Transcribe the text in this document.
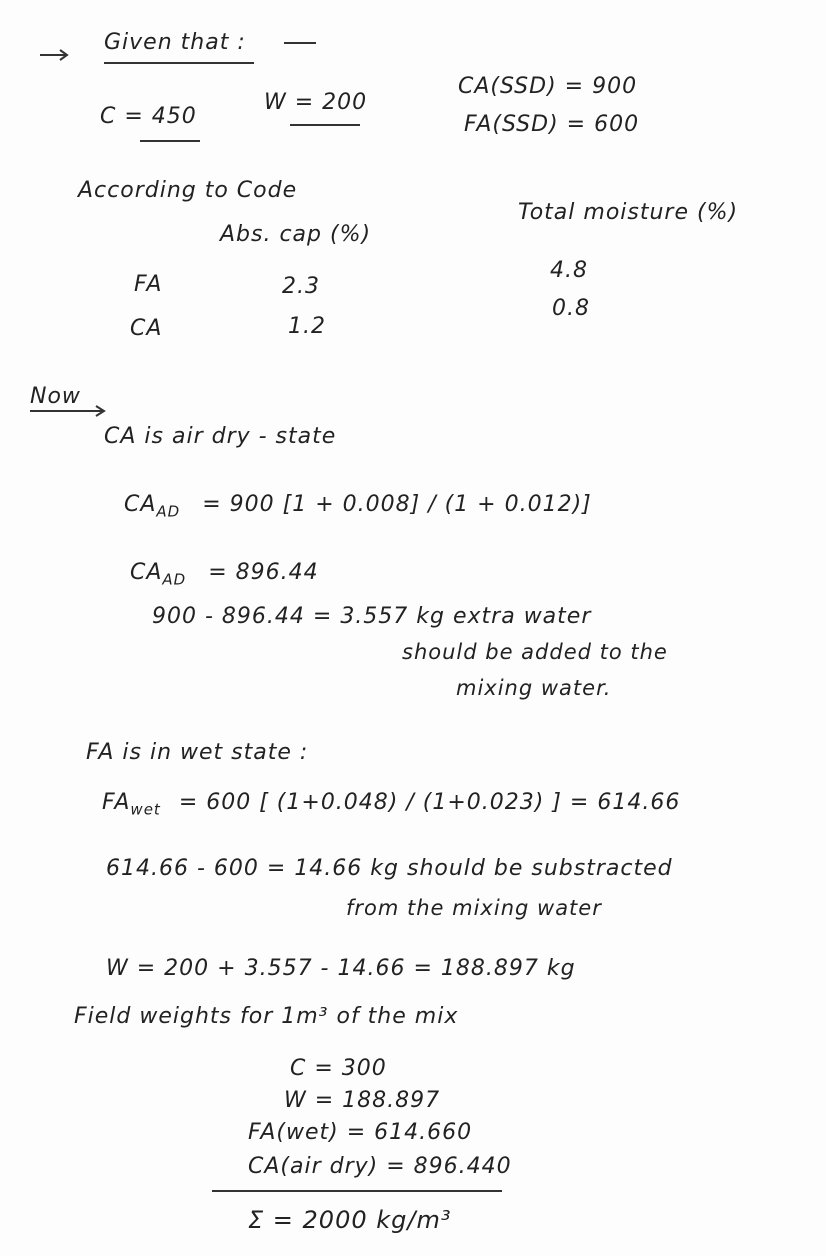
Given that :
C = 450
W = 200
CA(SSD) = 900
FA(SSD) = 600
According to Code
Abs. cap (%)
Total moisture (%)
FA	2.3
4.8
CA	1.2
0.8
Now
CA is air dry - state
$CA_{AD} = 900$ [1 + 0.008] / (1 + 0.012)]
$CA_{AD} = 896.44$
900 - 896.44 = 3.557 kg extra water
should be added to the
mixing water.
FA is in wet state :
$FA_{wet} = 600$ [ (1+0.048) / (1+0.023) ] = 614.66
614.66 - 600 = 14.66 kg should be substracted
from the mixing water
W = 200 + 3.557 - 14.66 = 188.897 kg
Field weights for 1m³ of the mix
C = 300
W = 188.897
FA(wet) = 614.660
CA(air dry) = 896.440
Σ = 2000 kg/m³
